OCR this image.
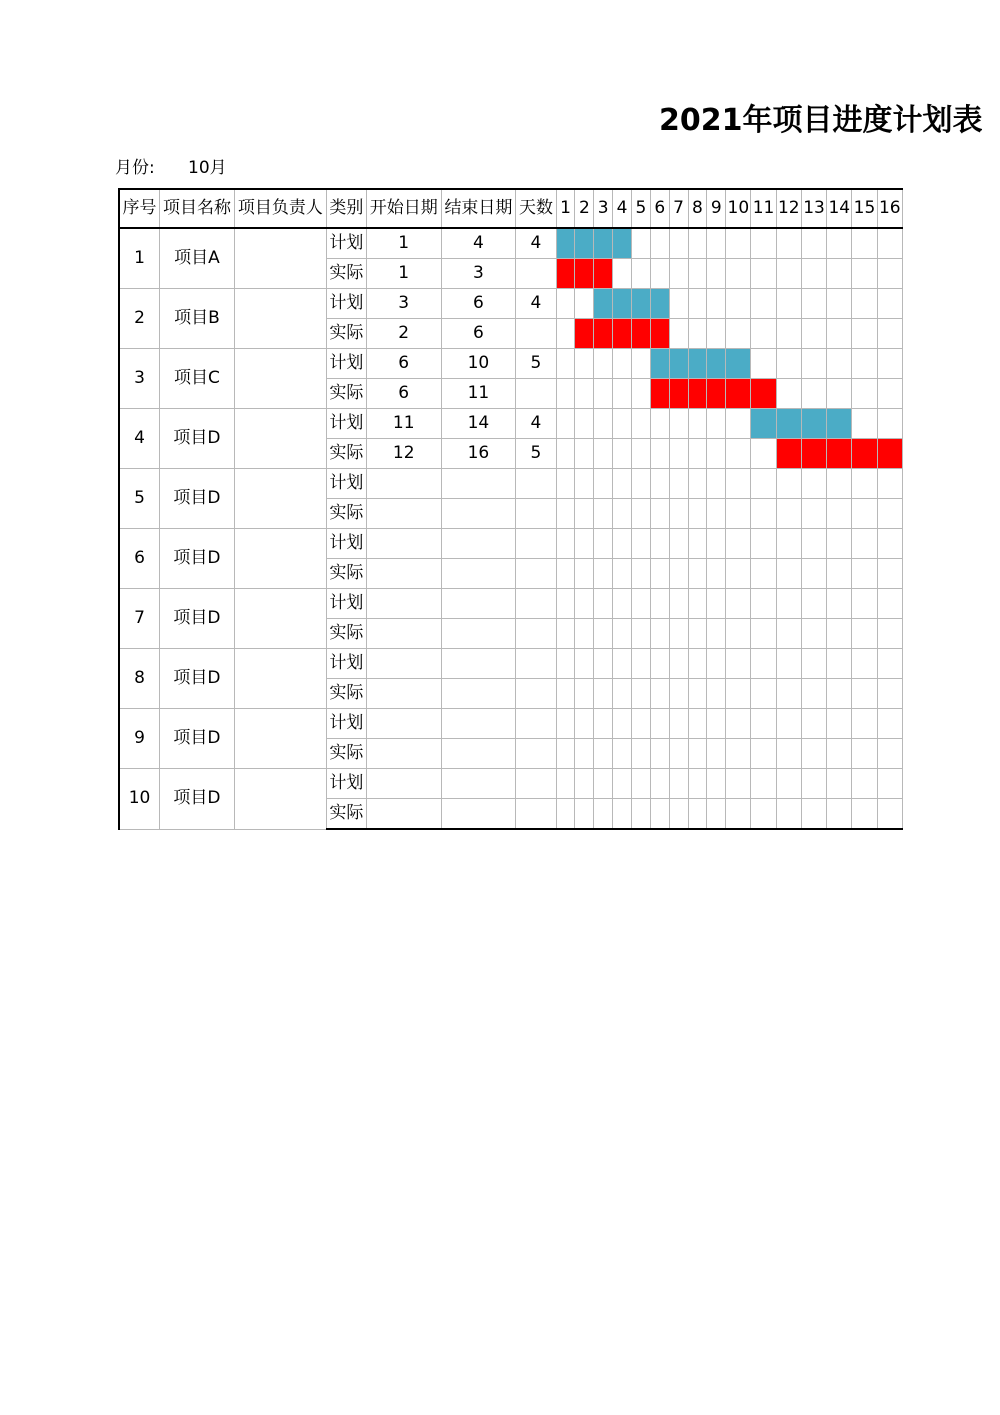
2021年项目进度计划表
月份: 10月
序号	项目名称	项目负责人	类别	开始日期	结束日期	天数	1	2	3	4	5	6	7	8	9	10	11	12	13	14	15	16
1	项目A		计划	1	4	4																
			实际	1	3																	
2	项目B		计划	3	6	4																
			实际	2	6																	
3	项目C		计划	6	10	5																
			实际	6	11																	
4	项目D		计划	11	14	4																
			实际	12	16	5																
5	项目D		计划																			
			实际																			
6	项目D		计划																			
			实际																			
7	项目D		计划																			
			实际																			
8	项目D		计划																			
			实际																			
9	项目D		计划																			
			实际																			
10	项目D		计划																			
			实际																			
